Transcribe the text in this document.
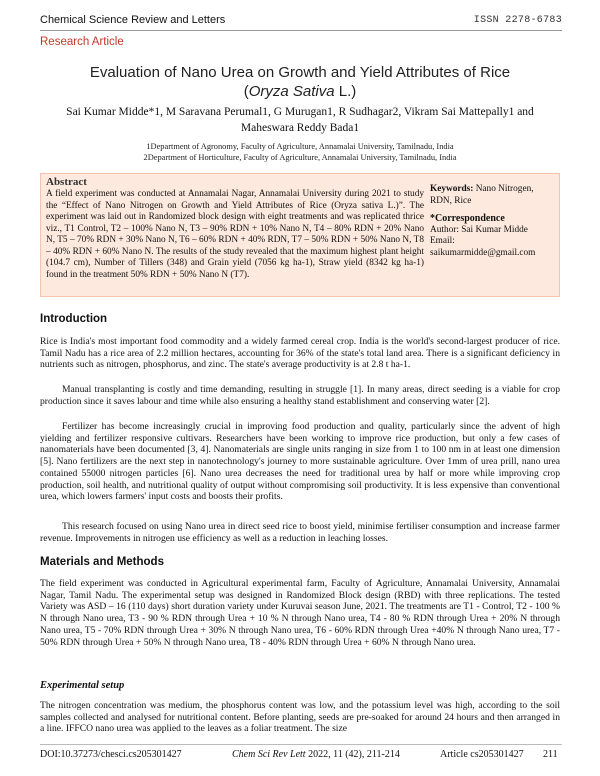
Chemical Science Review and Letters	ISSN 2278-6783
Research Article
Evaluation of Nano Urea on Growth and Yield Attributes of Rice
(Oryza Sativa L.)
Sai Kumar Midde*1, M Saravana Perumal1, G Murugan1, R Sudhagar2, Vikram Sai Mattepally1 and
Maheswara Reddy Bada1
1Department of Agronomy, Faculty of Agriculture, Annamalai University, Tamilnadu, India
2Department of Horticulture, Faculty of Agriculture, Annamalai University, Tamilnadu, India
Abstract
A field experiment was conducted at Annamalai Nagar, Annamalai University during 2021 to study the “Effect of Nano Nitrogen on Growth and Yield Attributes of Rice (Oryza sativa L.)”. The experiment was laid out in Randomized block design with eight treatments and was replicated thrice viz., T1 Control, T2 – 100% Nano N, T3 – 90% RDN + 10% Nano N, T4 – 80% RDN + 20% Nano N, T5 – 70% RDN + 30% Nano N, T6 – 60% RDN + 40% RDN, T7 – 50% RDN + 50% Nano N, T8 – 40% RDN + 60% Nano N. The results of the study revealed that the maximum highest plant height (104.7 cm), Number of Tillers (348) and Grain yield (7056 kg ha-1), Straw yield (8342 kg ha-1) found in the treatment 50% RDN + 50% Nano N (T7).
Keywords: Nano Nitrogen, RDN, Rice
*Correspondence
Author: Sai Kumar Midde
Email:
saikumarmidde@gmail.com
Introduction
Rice is India's most important food commodity and a widely farmed cereal crop. India is the world's second-largest producer of rice. Tamil Nadu has a rice area of 2.2 million hectares, accounting for 36% of the state's total land area. There is a significant deficiency in nutrients such as nitrogen, phosphorus, and zinc. The state's average productivity is at 2.8 t ha-1.
Manual transplanting is costly and time demanding, resulting in struggle [1]. In many areas, direct seeding is a viable for crop production since it saves labour and time while also ensuring a healthy stand establishment and conserving water [2].
Fertilizer has become increasingly crucial in improving food production and quality, particularly since the advent of high yielding and fertilizer responsive cultivars. Researchers have been working to improve rice production, but only a few cases of nanomaterials have been documented [3, 4]. Nanomaterials are single units ranging in size from 1 to 100 nm in at least one dimension [5]. Nano fertilizers are the next step in nanotechnology's journey to more sustainable agriculture. Over 1mm of urea prill, nano urea contained 55000 nitrogen particles [6]. Nano urea decreases the need for traditional urea by half or more while improving crop production, soil health, and nutritional quality of output without compromising soil productivity. It is less expensive than conventional urea, which lowers farmers' input costs and boosts their profits.
This research focused on using Nano urea in direct seed rice to boost yield, minimise fertiliser consumption and increase farmer revenue. Improvements in nitrogen use efficiency as well as a reduction in leaching losses.
Materials and Methods
The field experiment was conducted in Agricultural experimental farm, Faculty of Agriculture, Annamalai University, Annamalai Nagar, Tamil Nadu. The experimental setup was designed in Randomized Block design (RBD) with three replications. The tested Variety was ASD – 16 (110 days) short duration variety under Kuruvai season June, 2021. The treatments are T1 - Control, T2 - 100 % N through Nano urea, T3 - 90 % RDN through Urea + 10 % N through Nano urea, T4 - 80 % RDN through Urea + 20% N through Nano urea, T5 - 70% RDN through Urea + 30% N through Nano urea, T6 - 60% RDN through Urea +40% N through Nano urea, T7 - 50% RDN through Urea + 50% N through Nano urea, T8 - 40% RDN through Urea + 60% N through Nano urea.
Experimental setup
The nitrogen concentration was medium, the phosphorus content was low, and the potassium level was high, according to the soil samples collected and analysed for nutritional content. Before planting, seeds are pre-soaked for around 24 hours and then arranged in a line. IFFCO nano urea was applied to the leaves as a foliar treatment. The size
DOI:10.37273/chesci.cs205301427	Chem Sci Rev Lett 2022, 11 (42), 211-214	Article cs205301427 211
